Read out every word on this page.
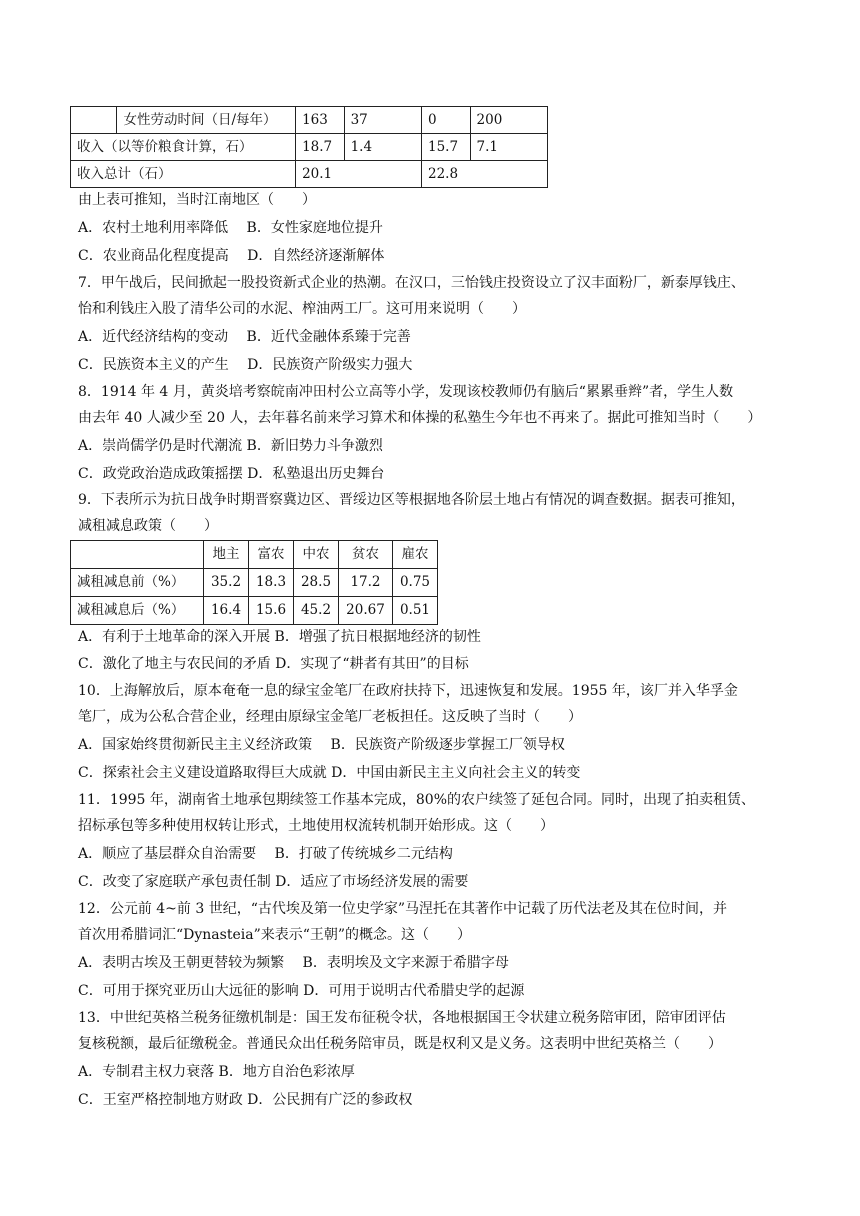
	女性劳动时间（日/每年）	163	37	0	200
收入（以等价粮食计算，石）		18.7	1.4	15.7	7.1
收入总计（石）		20.1		22.8	
由上表可推知，当时江南地区（　　）
A．农村土地利用率降低　 B．女性家庭地位提升
C．农业商品化程度提高　 D．自然经济逐渐解体
7．甲午战后，民间掀起一股投资新式企业的热潮。在汉口，三怡钱庄投资设立了汉丰面粉厂，新泰厚钱庄、
怡和利钱庄入股了清华公司的水泥、榨油两工厂。这可用来说明（　　）
A．近代经济结构的变动　 B．近代金融体系臻于完善
C．民族资本主义的产生　 D．民族资产阶级实力强大
8．1914 年 4 月，黄炎培考察皖南冲田村公立高等小学，发现该校教师仍有脑后“累累垂辫”者，学生人数
由去年 40 人减少至 20 人，去年暮名前来学习算术和体操的私塾生今年也不再来了。据此可推知当时（　　）
A．崇尚儒学仍是时代潮流 B．新旧势力斗争激烈
C．政党政治造成政策摇摆 D．私塾退出历史舞台
9．下表所示为抗日战争时期晋察冀边区、晋绥边区等根据地各阶层土地占有情况的调查数据。据表可推知，
减租减息政策（　　）
	地主	富农	中农	贫农	雇农
减租减息前（%）	35.2	18.3	28.5	17.2	0.75
减租减息后（%）	16.4	15.6	45.2	20.67	0.51
A．有利于土地革命的深入开展 B．增强了抗日根据地经济的韧性
C．激化了地主与农民间的矛盾 D．实现了“耕者有其田”的目标
10．上海解放后，原本奄奄一息的绿宝金笔厂在政府扶持下，迅速恢复和发展。1955 年，该厂并入华孚金
笔厂，成为公私合营企业，经理由原绿宝金笔厂老板担任。这反映了当时（　　）
A．国家始终贯彻新民主主义经济政策　 B．民族资产阶级逐步掌握工厂领导权
C．探索社会主义建设道路取得巨大成就 D．中国由新民主主义向社会主义的转变
11．1995 年，湖南省土地承包期续签工作基本完成，80%的农户续签了延包合同。同时，出现了拍卖租赁、
招标承包等多种使用权转让形式，土地使用权流转机制开始形成。这（　　）
A．顺应了基层群众自治需要　 B．打破了传统城乡二元结构
C．改变了家庭联产承包责任制 D．适应了市场经济发展的需要
12．公元前 4~前 3 世纪，“古代埃及第一位史学家”马涅托在其著作中记载了历代法老及其在位时间，并
首次用希腊词汇“Dynasteia”来表示“王朝”的概念。这（　　）
A．表明古埃及王朝更替较为频繁　 B．表明埃及文字来源于希腊字母
C．可用于探究亚历山大远征的影响 D．可用于说明古代希腊史学的起源
13．中世纪英格兰税务征缴机制是：国王发布征税令状，各地根据国王令状建立税务陪审团，陪审团评估
复核税额，最后征缴税金。普通民众出任税务陪审员，既是权利又是义务。这表明中世纪英格兰（　　）
A．专制君主权力衰落 B．地方自治色彩浓厚
C．王室严格控制地方财政 D．公民拥有广泛的参政权
